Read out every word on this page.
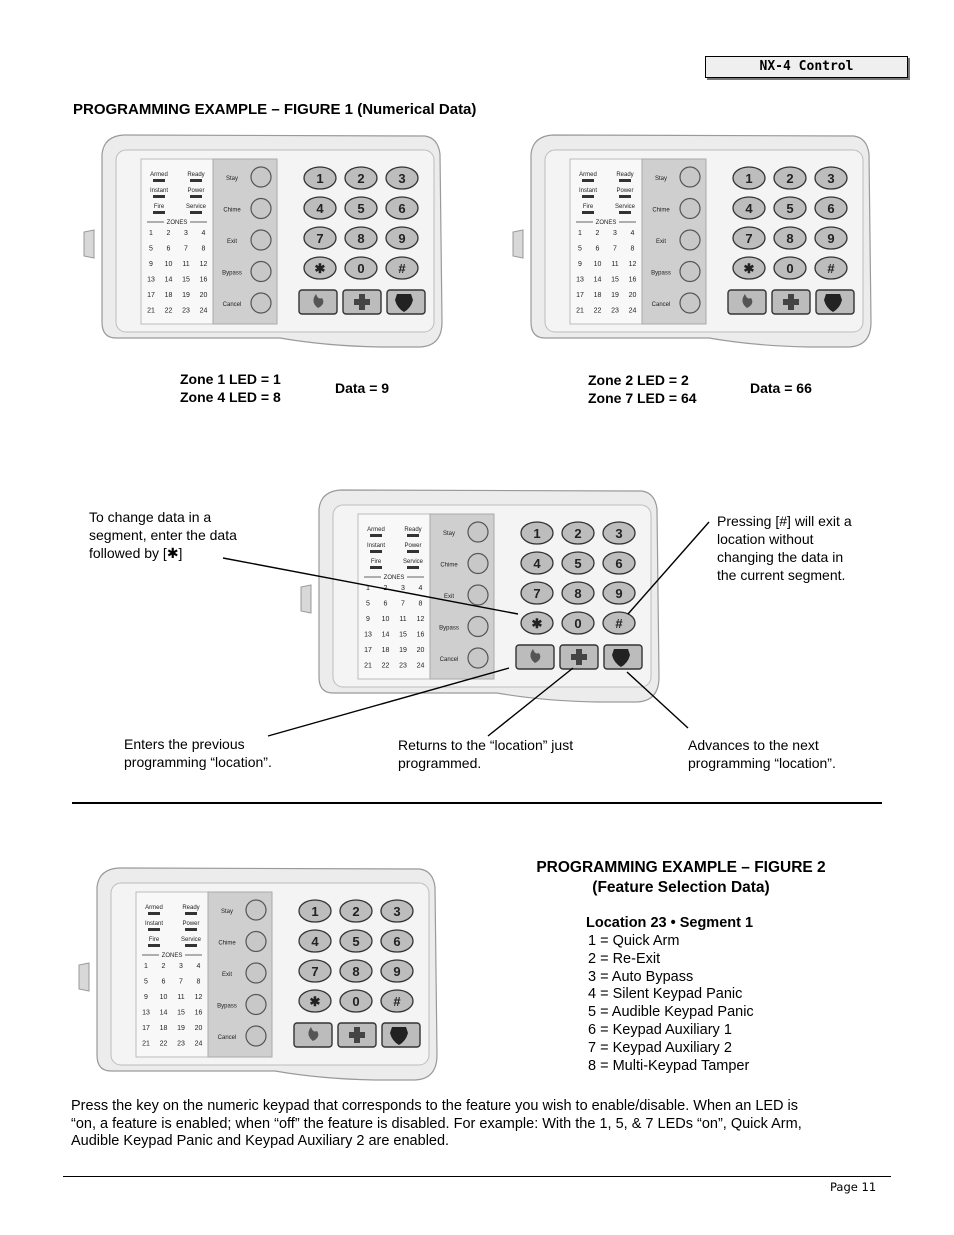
NX-4 Control
PROGRAMMING EXAMPLE – FIGURE 1 (Numerical Data)
Armed	Ready
Instant	Power
Fire	Service
ZONES
1 2 3 4
5 6 7 8
9 10 11 12
13 14 15 16
17 18 19 20
21 22 23 24
Stay
Chime
Exit
Bypass
Cancel
1	2	3
4	5	6
7	8	9
✱ 0	#
Armed	Ready
Instant	Power
Fire	Service
ZONES
1 2 3 4
5 6 7 8
9 10 11 12
13 14 15 16
17 18 19 20
21 22 23 24
Stay
Chime
Exit
Bypass
Cancel
1	2	3
4	5	6
7	8	9
✱ 0	#
Armed	Ready
Instant	Power
Fire	Service
ZONES
1 2 3 4
5 6 7 8
9 10 11 12
13 14 15 16
17 18 19 20
21 22 23 24
Stay
Chime
Exit
Bypass
Cancel
1	2	3
4	5	6
7	8	9
✱ 0	#
Armed	Ready
Instant	Power
Fire	Service
ZONES
1 2 3 4
5 6 7 8
9 10 11 12
13 14 15 16
17 18 19 20
21 22 23 24
Stay
Chime
Exit
Bypass
Cancel
1	2	3
4	5	6
7	8	9
✱ 0	#
Zone 1 LED = 1
Zone 4 LED = 8
Data = 9	Zone 2 LED = 2
Zone 7 LED = 64
Data = 66
To change data in a
segment, enter the data
followed by [✱]
Pressing [#] will exit a
location without
changing the data in
the current segment.
Enters the previous
programming “location”.
Returns to the “location” just
programmed.
Advances to the next
programming “location”.
PROGRAMMING EXAMPLE – FIGURE 2
(Feature Selection Data)
Location 23 • Segment 1
1 = Quick Arm
2 = Re-Exit
3 = Auto Bypass
4 = Silent Keypad Panic
5 = Audible Keypad Panic
6 = Keypad Auxiliary 1
7 = Keypad Auxiliary 2
8 = Multi-Keypad Tamper
Press the key on the numeric keypad that corresponds to the feature you wish to enable/disable. When an LED is
“on, a feature is enabled; when “off” the feature is disabled. For example: With the 1, 5, & 7 LEDs “on”, Quick Arm,
Audible Keypad Panic and Keypad Auxiliary 2 are enabled.
Page 11
